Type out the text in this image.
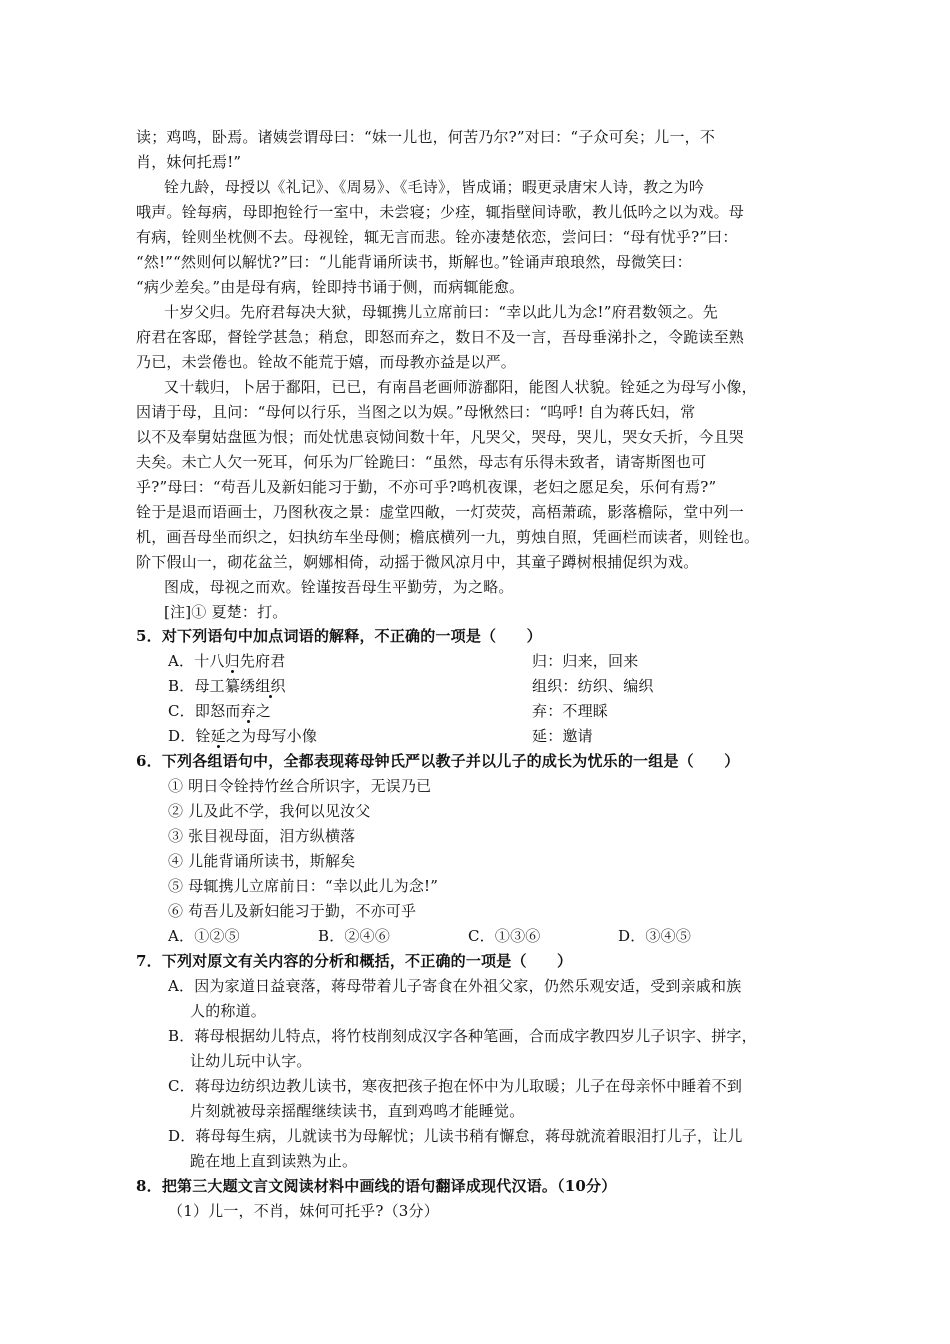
读；鸡鸣，卧焉。诸姨尝谓母曰：“妹一儿也，何苦乃尔?”对曰：“子众可矣；儿一，不
肖，妹何托焉!”
铨九龄，母授以《礼记》、《周易》、《毛诗》，皆成诵；暇更录唐宋人诗，教之为吟
哦声。铨每病，母即抱铨行一室中，未尝寝；少痊，辄指壁间诗歌，教儿低吟之以为戏。母
有病，铨则坐枕侧不去。母视铨，辄无言而悲。铨亦凄楚依恋，尝问曰：“母有忧乎?”曰：
“然!”“然则何以解忧?”曰：“儿能背诵所读书，斯解也。”铨诵声琅琅然，母微笑曰：
“病少差矣。”由是母有病，铨即持书诵于侧，而病辄能愈。
十岁父归。先府君每决大狱，母辄携儿立席前曰：“幸以此儿为念!”府君数领之。先
府君在客邸，督铨学甚急；稍怠，即怒而弃之，数日不及一言，吾母垂涕扑之，令跪读至熟
乃已，未尝倦也。铨故不能荒于嬉，而母教亦益是以严。
又十载归，卜居于鄱阳，已已，有南昌老画师游鄱阳，能图人状貌。铨延之为母写小像，
因请于母，且问：“母何以行乐，当图之以为娱。”母愀然曰：“呜呼! 自为蒋氏妇，常
以不及奉舅姑盘匜为恨；而处忧患哀恸间数十年，凡哭父，哭母，哭儿，哭女夭折，今且哭
夫矣。未亡人欠一死耳，何乐为厂铨跪曰：“虽然，母志有乐得未致者，请寄斯图也可
乎?”母曰：“苟吾儿及新妇能习于勤，不亦可乎?鸣机夜课，老妇之愿足矣，乐何有焉?”
铨于是退而语画士，乃图秋夜之景：虚堂四敞，一灯荧荧，高梧萧疏，影落檐际，堂中列一
机，画吾母坐而织之，妇执纺车坐母侧；檐底横列一九，剪烛自照，凭画栏而读者，则铨也。
阶下假山一，砌花盆兰，婀娜相倚，动摇于微风凉月中，其童子蹲树根捕促织为戏。
图成，母视之而欢。铨谨按吾母生平勤劳，为之略。
[注]① 夏楚：打。
5．对下列语句中加点词语的解释，不正确的一项是（　　）
A．十八归先府君	归：归来，回来
B．母工纂绣组织	组织：纺织、编织
C．即怒而弃之	弃：不理睬
D．铨延之为母写小像	延：邀请
6．下列各组语句中，全都表现蒋母钟氏严以教子并以儿子的成长为忧乐的一组是（　　）
① 明日令铨持竹丝合所识字，无误乃已
② 儿及此不学，我何以见汝父
③ 张目视母面，泪方纵横落
④ 儿能背诵所读书，斯解矣
⑤ 母辄携儿立席前日：“幸以此儿为念!”
⑥ 苟吾儿及新妇能习于勤，不亦可乎
A．①②⑤	B．②④⑥	C．①③⑥	D．③④⑤
7．下列对原文有关内容的分析和概括，不正确的一项是（　　）
A．因为家道日益衰落，蒋母带着儿子寄食在外祖父家，仍然乐观安适，受到亲戚和族
人的称道。
B．蒋母根据幼儿特点，将竹枝削刻成汉字各种笔画，合而成字教四岁儿子识字、拼字，
让幼儿玩中认字。
C．蒋母边纺织边教儿读书，寒夜把孩子抱在怀中为儿取暖；儿子在母亲怀中睡着不到
片刻就被母亲摇醒继续读书，直到鸡鸣才能睡觉。
D．蒋母每生病，儿就读书为母解忧；儿读书稍有懈怠，蒋母就流着眼泪打儿子，让儿
跪在地上直到读熟为止。
8．把第三大题文言文阅读材料中画线的语句翻译成现代汉语。（10分）
（1）儿一，不肖，妹何可托乎?（3分）
